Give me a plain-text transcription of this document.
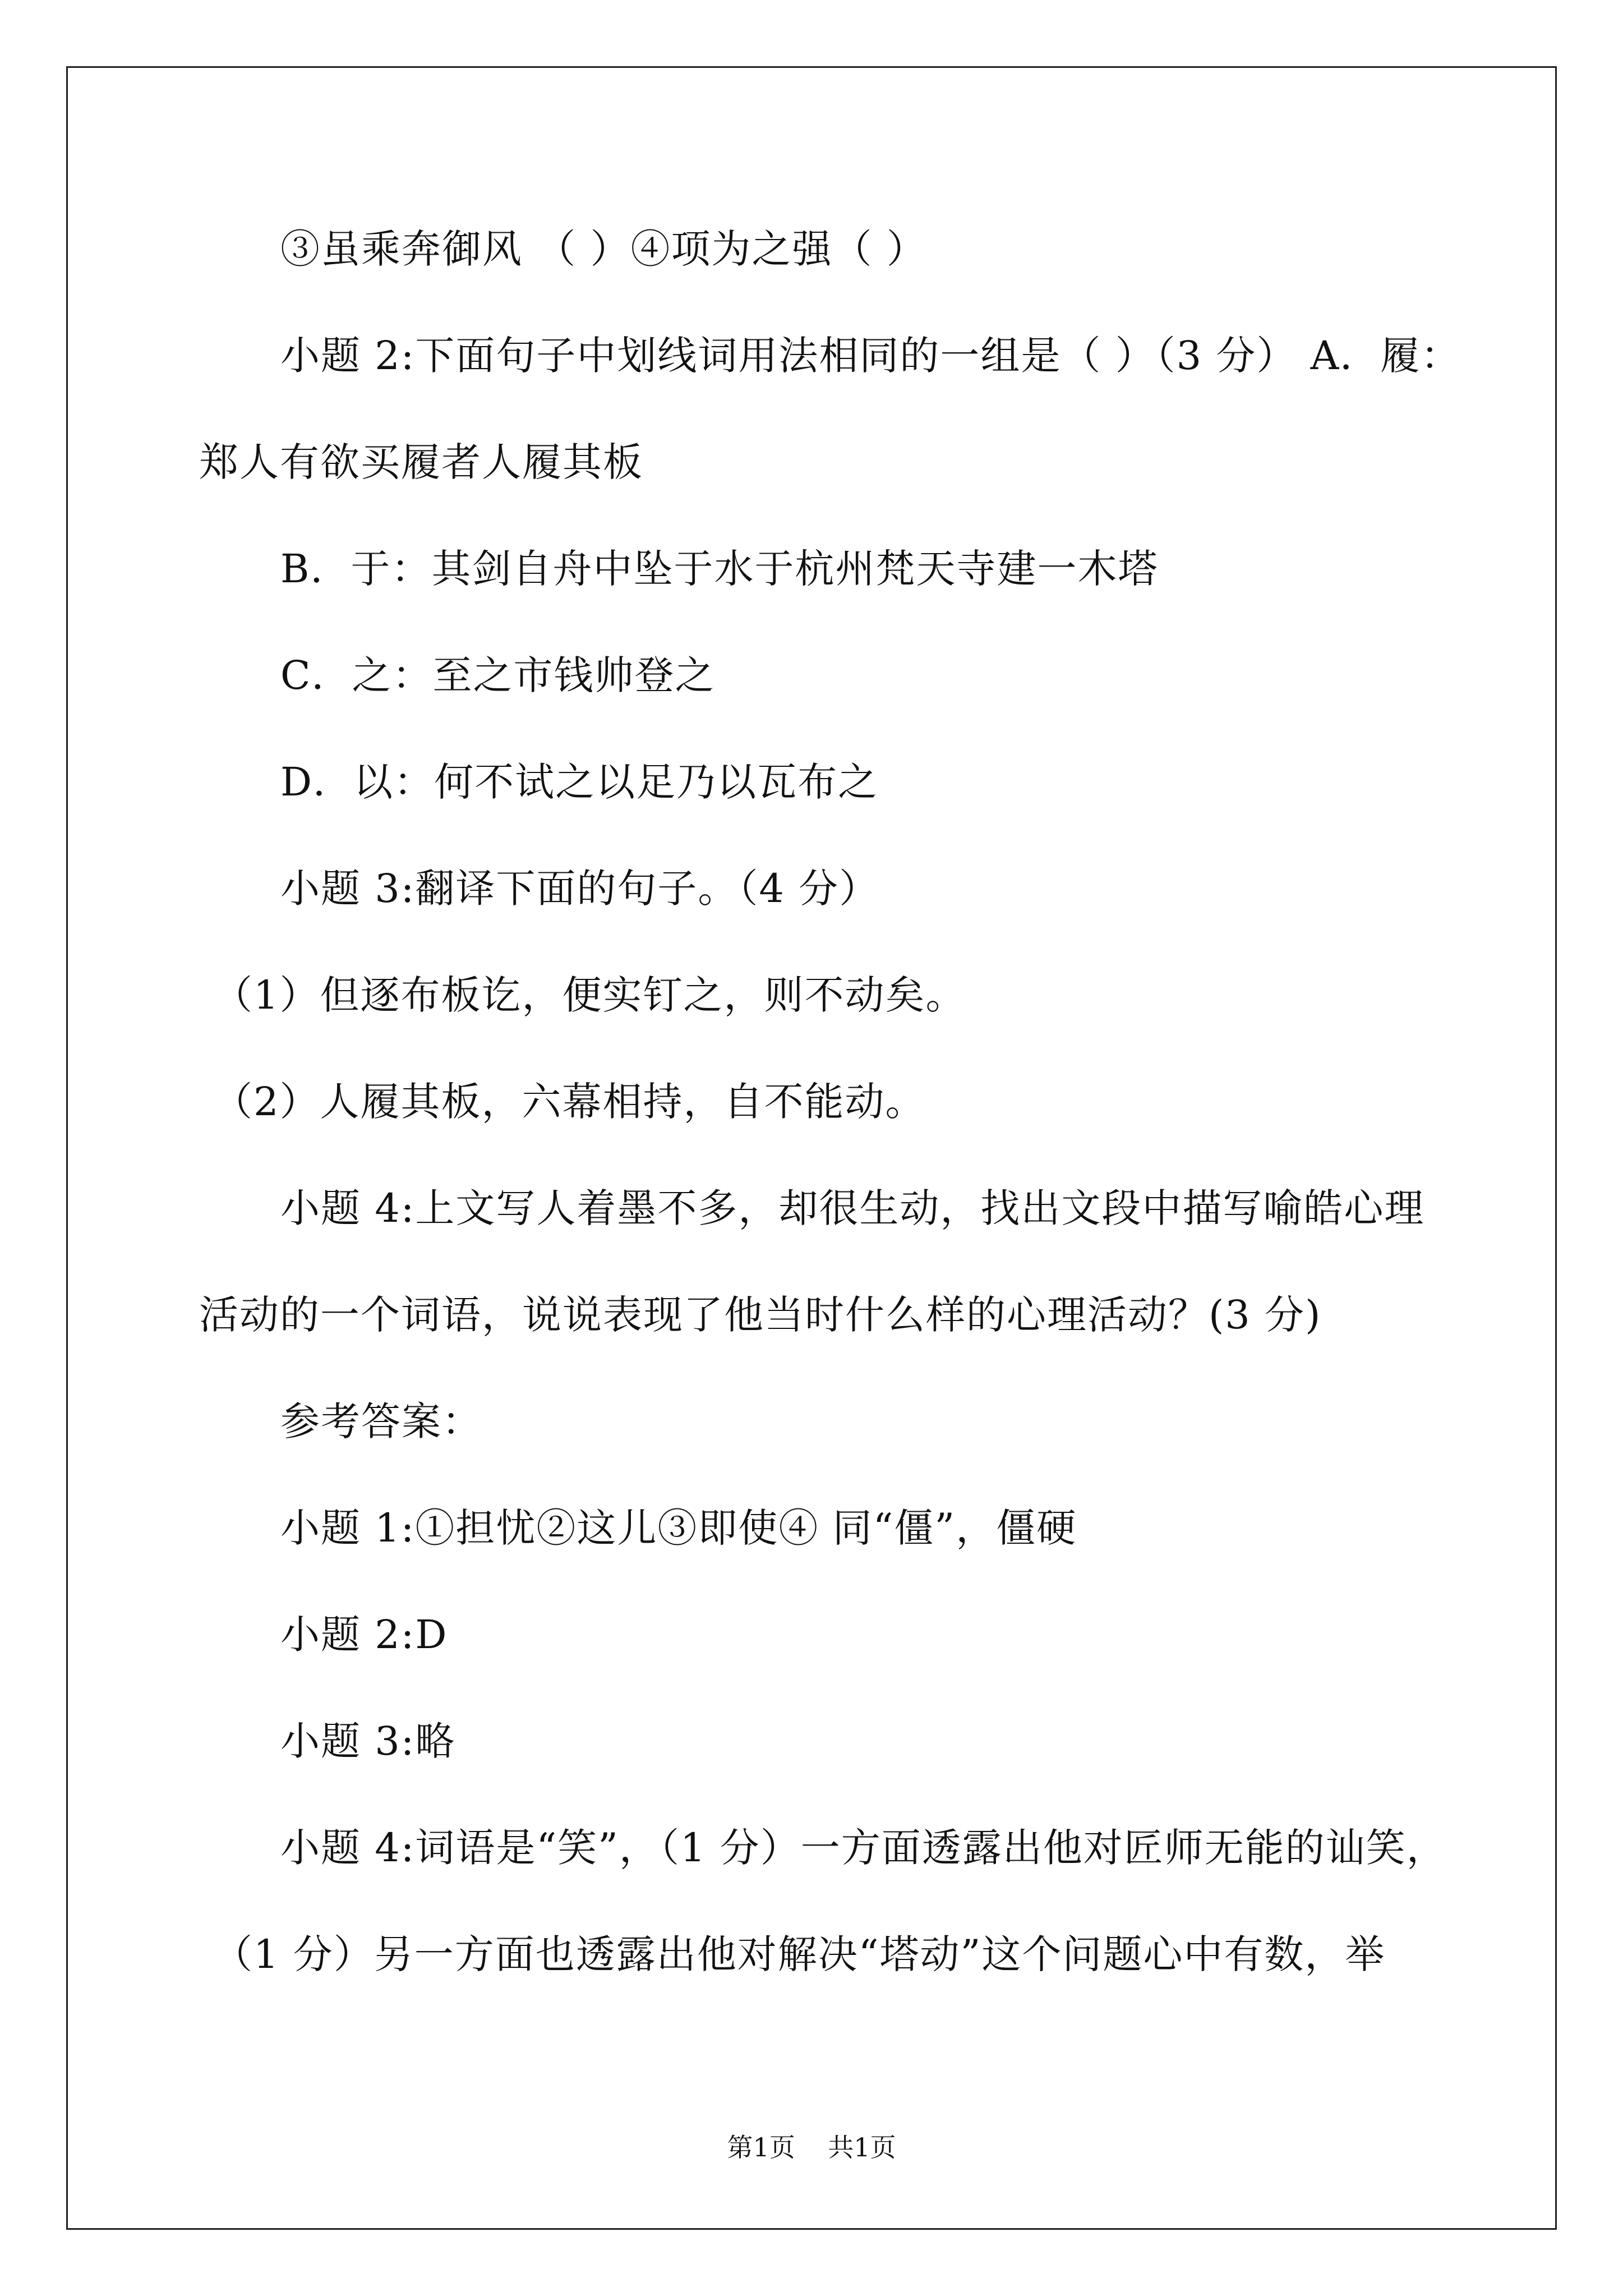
③虽乘奔御风 （ ）④项为之强（ ）
小题 2:下面句子中划线词用法相同的一组是（ ）（3 分） A．履：
郑人有欲买履者人履其板
B．于：其剑自舟中坠于水于杭州梵天寺建一木塔
C．之：至之市钱帅登之
D．以：何不试之以足乃以瓦布之
小题 3:翻译下面的句子。（4 分）
（1）但逐布板讫，便实钉之，则不动矣。
（2）人履其板，六幕相持，自不能动。
小题 4:上文写人着墨不多，却很生动，找出文段中描写喻皓心理
活动的一个词语，说说表现了他当时什么样的心理活动？(3 分)
参考答案：
小题 1:①担忧②这儿③即使④ 同“僵”，僵硬
小题 2:D
小题 3:略
小题 4:词语是“笑”，（1 分）一方面透露出他对匠师无能的讪笑，
（1 分）另一方面也透露出他对解决“塔动”这个问题心中有数，举
第1页    共1页
